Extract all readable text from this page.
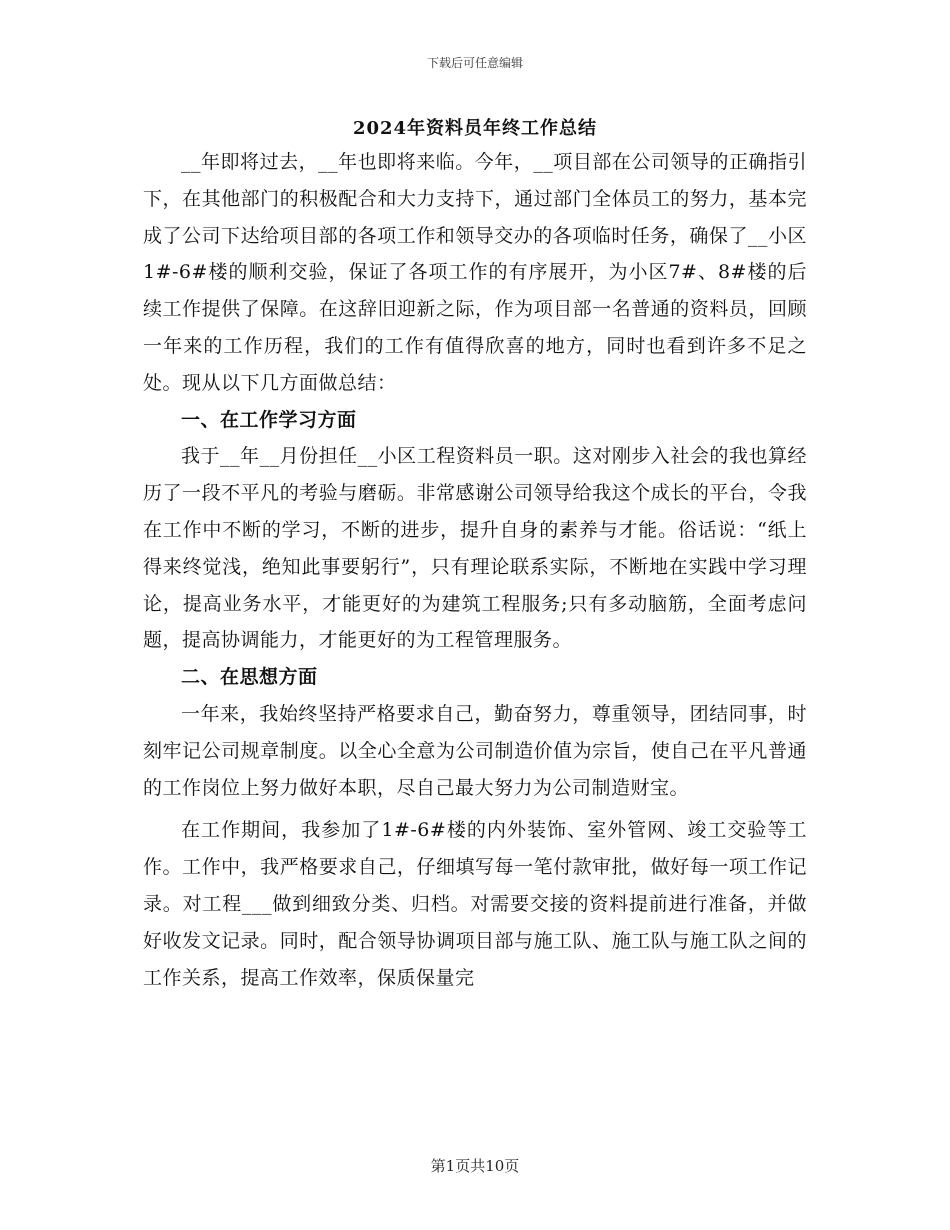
下载后可任意编辑
2024年资料员年终工作总结

__年即将过去，__年也即将来临。今年，__项目部在公司领导的正确指引下，在其他部门的积极配合和大力支持下，通过部门全体员工的努力，基本完成了公司下达给项目部的各项工作和领导交办的各项临时任务，确保了__小区1#-6#楼的顺利交验，保证了各项工作的有序展开，为小区7#、8#楼的后续工作提供了保障。在这辞旧迎新之际，作为项目部一名普通的资料员，回顾一年来的工作历程，我们的工作有值得欣喜的地方，同时也看到许多不足之处。现从以下几方面做总结：

一、在工作学习方面

我于__年__月份担任__小区工程资料员一职。这对刚步入社会的我也算经历了一段不平凡的考验与磨砺。非常感谢公司领导给我这个成长的平台，令我在工作中不断的学习，不断的进步，提升自身的素养与才能。俗话说：“纸上得来终觉浅，绝知此事要躬行”，只有理论联系实际，不断地在实践中学习理论，提高业务水平，才能更好的为建筑工程服务;只有多动脑筋，全面考虑问题，提高协调能力，才能更好的为工程管理服务。

二、在思想方面

一年来，我始终坚持严格要求自己，勤奋努力，尊重领导，团结同事，时刻牢记公司规章制度。以全心全意为公司制造价值为宗旨，使自己在平凡普通的工作岗位上努力做好本职，尽自己最大努力为公司制造财宝。

在工作期间，我参加了1#-6#楼的内外装饰、室外管网、竣工交验等工作。工作中，我严格要求自己，仔细填写每一笔付款审批，做好每一项工作记录。对工程___做到细致分类、归档。对需要交接的资料提前进行准备，并做好收发文记录。同时，配合领导协调项目部与施工队、施工队与施工队之间的工作关系，提高工作效率，保质保量完

第1页共10页
